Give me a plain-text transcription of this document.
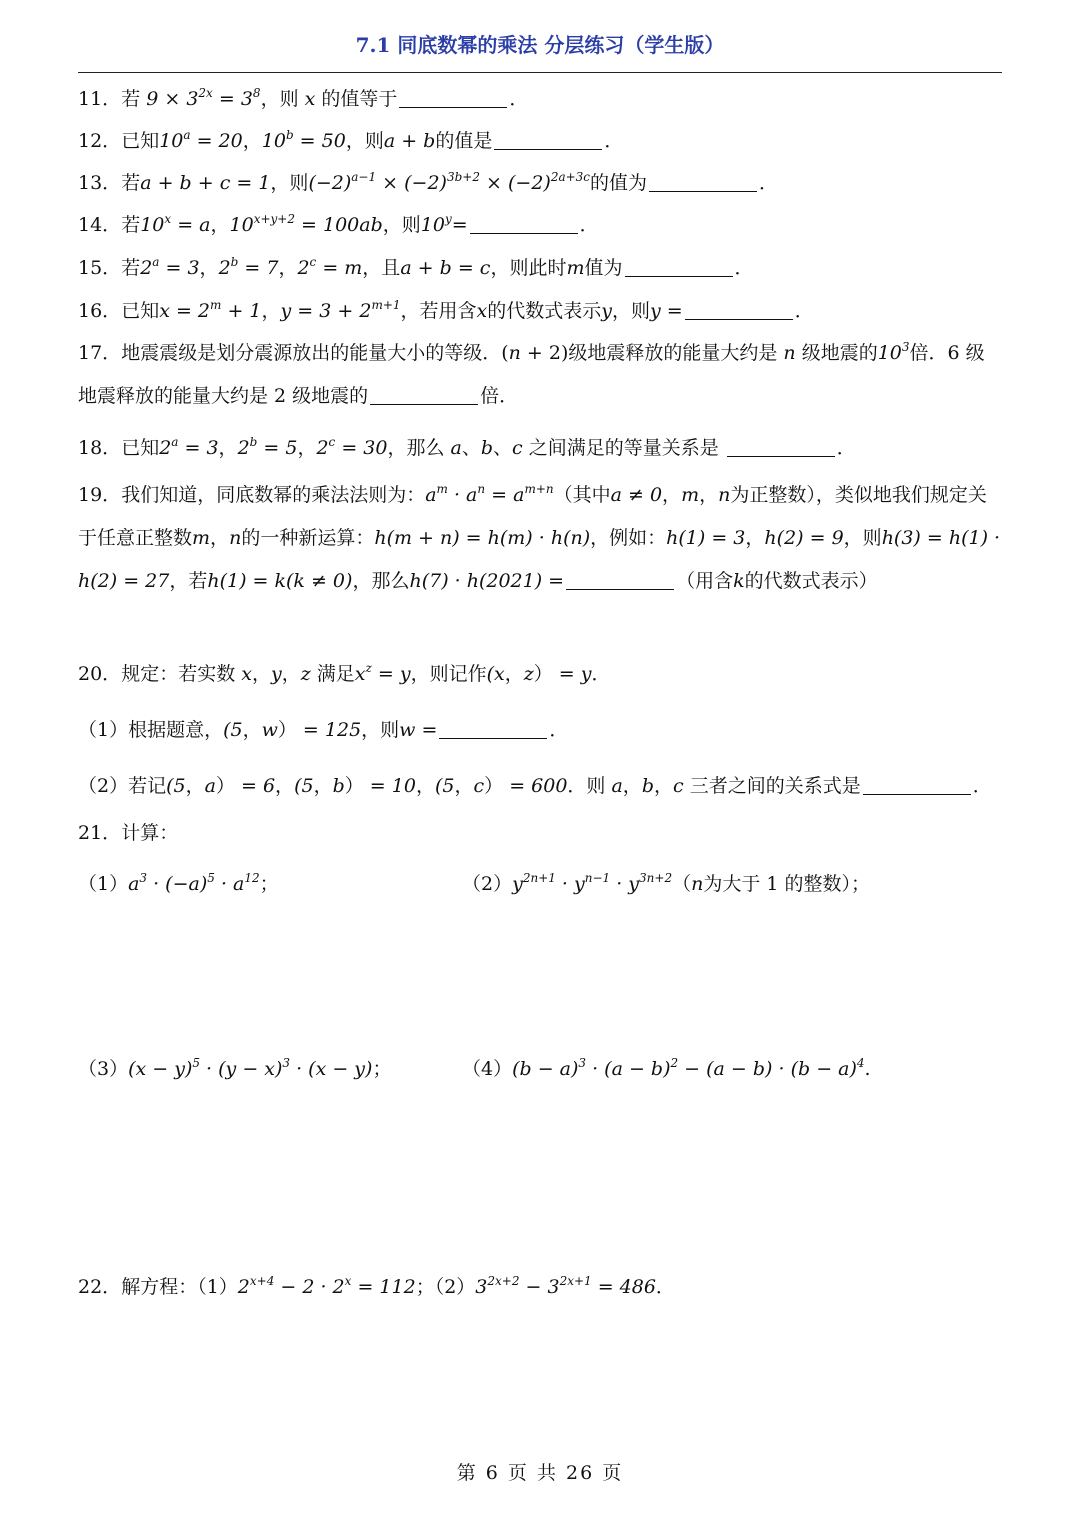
7.1 同底数幂的乘法 分层练习（学生版）
11．若 $9 \times 3^{2x} = 3^8$，则 x 的值等于	．
12．已知$10^a = 20$，$10^b = 50$，则a + b的值是	．
13．若a + b + c = 1，则$(-2)^{a-1} \times (-2)^{3b+2} \times (-2)^{2a+3c}$的值为	．
14．若$10^x = a$，$10^{x+y+2} = 100ab$，则$10^y=$	．
15．若$2^a = 3$，$2^b = 7$，$2^c = m$，且a + b = c，则此时m值为	．
16．已知$x = 2^m + 1$，$y = 3 + 2^{m+1}$，若用含x的代数式表示y，则y =	．
17．地震震级是划分震源放出的能量大小的等级．(n + 2)级地震释放的能量大约是 n 级地震的$10^3$倍．6 级地震释放的能量大约是 2 级地震的	倍．
18．已知$2^a = 3$，$2^b = 5$，$2^c = 30$，那么 a、b、c 之间满足的等量关系是	．
19．我们知道，同底数幂的乘法法则为：$a^m \cdot a^n = a^{m+n}$（其中a ≠ 0，m，n为正整数），类似地我们规定关于任意正整数m，n的一种新运算：h(m + n) = h(m) · h(n)，例如：h(1) = 3，h(2) = 9，则h(3) = h(1) · h(2) = 27，若h(1) = k(k ≠ 0)，那么h(7) · h(2021) =	（用含k的代数式表示）
20．规定：若实数 x，y，z 满足$x^z = y$，则记作(x，z） = y．
（1）根据题意，(5，w） = 125，则w =	．
（2）若记(5，a） = 6，(5，b） = 10，(5，c） = 600．则 a，b，c 三者之间的关系式是	．
21．计算：
$(1)a^3 \cdot (-a)^5 \cdot a^{12}$；	$(2)y^{2n+1} \cdot y^{n-1} \cdot y^{3n+2}(n$为大于 1 的整数）；
$(3)(x - y)^5 \cdot (y - x)^3 \cdot (x - y)$；	$(4)(b - a)^3 \cdot (a - b)^2 - (a - b) \cdot (b - a)^4$.
22．解方程：$(1)2^{x+4} - 2 \cdot 2^x = 112$；$(2)3^{2x+2} - 3^{2x+1} = 486$．
第 6 页 共 26 页
